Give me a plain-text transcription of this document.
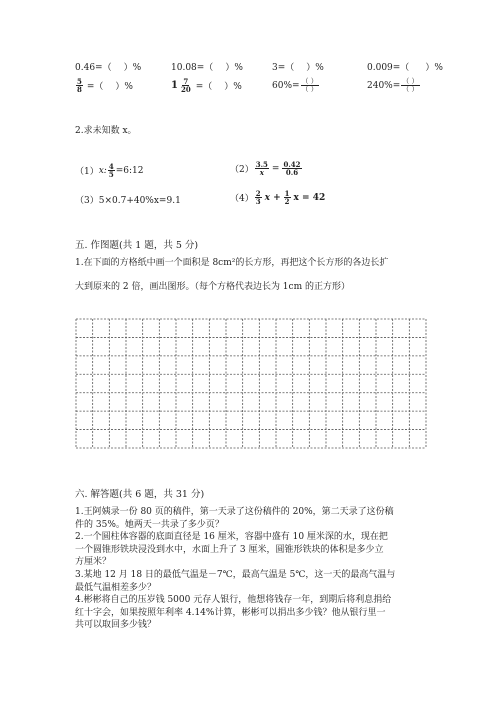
0.46=（ ）%	10.08=（ ）%	3=（ ）%	0.009=（ ）%
$\frac{5}{8}$ =（ ）%	$1 \frac{7}{20}$ =（ ）%	$60\%= \frac{( )}{( )}$	$240\%= \frac{( )}{( )}$
2.求未知数 x。
（1） x: $\frac{4}{5}$ =6:12	$(2) \frac{3.5}{x} = \frac{0.42}{0.6}$
（3）5×0.7+40%x=9.1	$(4) \frac{2}{3}$ $x + \frac{1}{2}$ x = 42
五. 作图题(共 1 题，共 5 分)
1.在下面的方格纸中画一个面积是 8cm²的长方形，再把这个长方形的各边长扩
大到原来的 2 倍，画出图形。（每个方格代表边长为 1cm 的正方形）
六. 解答题(共 6 题，共 31 分)
1.王阿姨录一份 80 页的稿件，第一天录了这份稿件的 20%，第二天录了这份稿
件的 35%。她两天一共录了多少页？
2.一个圆柱体容器的底面直径是 16 厘米，容器中盛有 10 厘米深的水，现在把
一个圆锥形铁块浸没到水中，水面上升了 3 厘米，圆锥形铁块的体积是多少立
方厘米？
3.某地 12 月 18 日的最低气温是－7℃，最高气温是 5℃，这一天的最高气温与
最低气温相差多少？
4.彬彬将自己的压岁钱 5000 元存人银行，他想将钱存一年，到期后将利息捐给
红十字会，如果按照年利率 4.14%计算，彬彬可以捐出多少钱？他从银行里一
共可以取回多少钱？
